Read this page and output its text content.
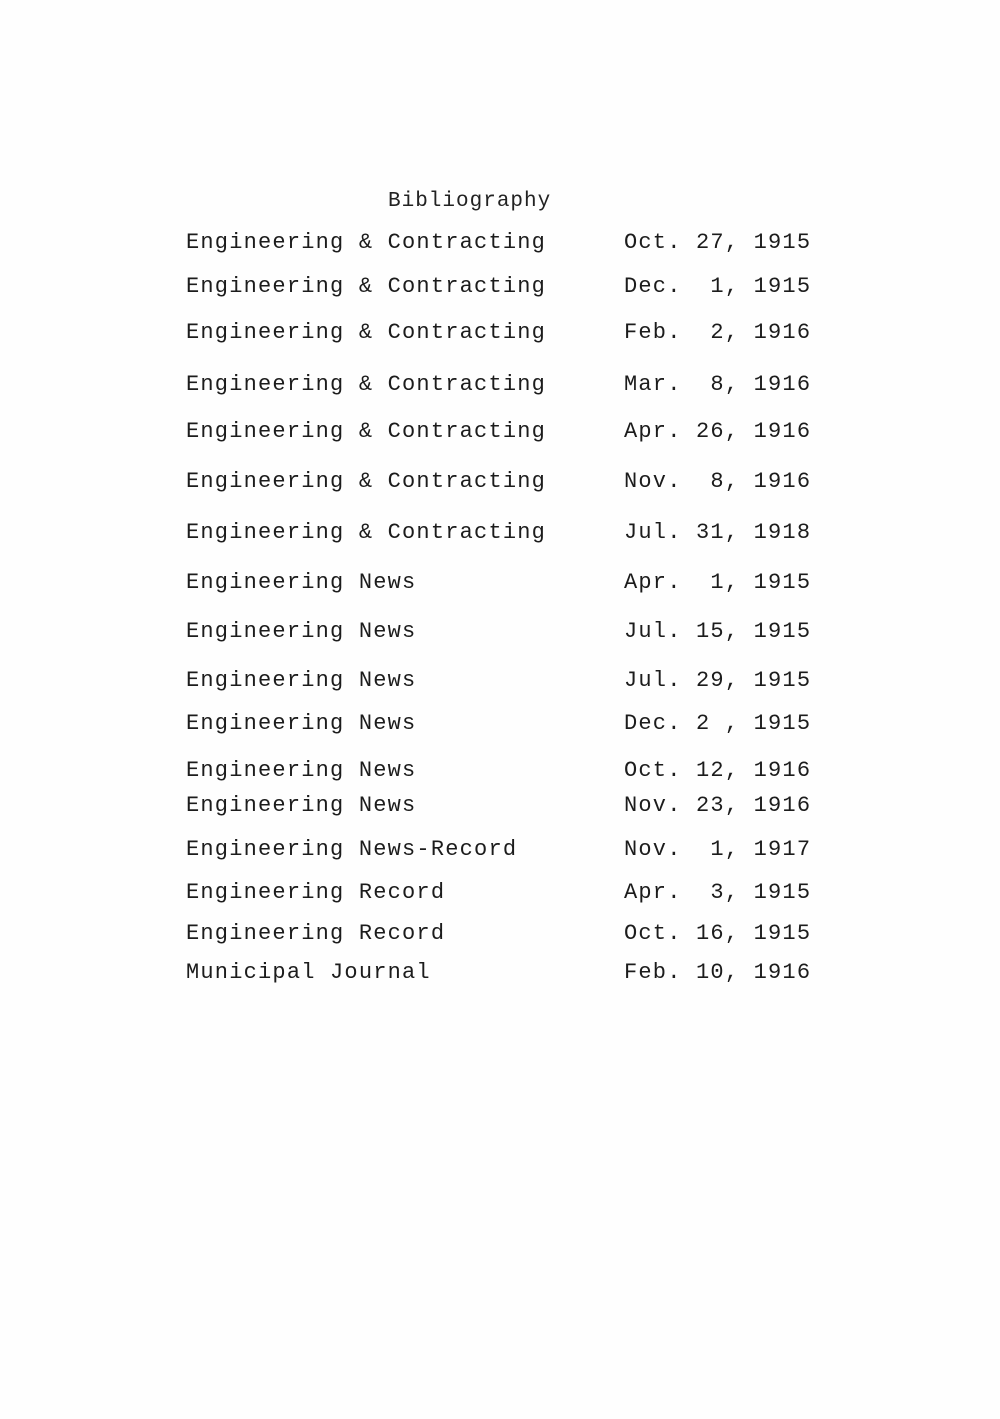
Bibliography
Engineering & Contracting	Oct. 27, 1915
Engineering & Contracting	Dec.  1, 1915
Engineering & Contracting	Feb.  2, 1916
Engineering & Contracting	Mar.  8, 1916
Engineering & Contracting	Apr. 26, 1916
Engineering & Contracting	Nov.  8, 1916
Engineering & Contracting	Jul. 31, 1918
Engineering News	Apr.  1, 1915
Engineering News	Jul. 15, 1915
Engineering News	Jul. 29, 1915
Engineering News	Dec. 2 , 1915
Engineering News	Oct. 12, 1916
Engineering News	Nov. 23, 1916
Engineering News-Record	Nov.  1, 1917
Engineering Record	Apr.  3, 1915
Engineering Record	Oct. 16, 1915
Municipal Journal	Feb. 10, 1916
